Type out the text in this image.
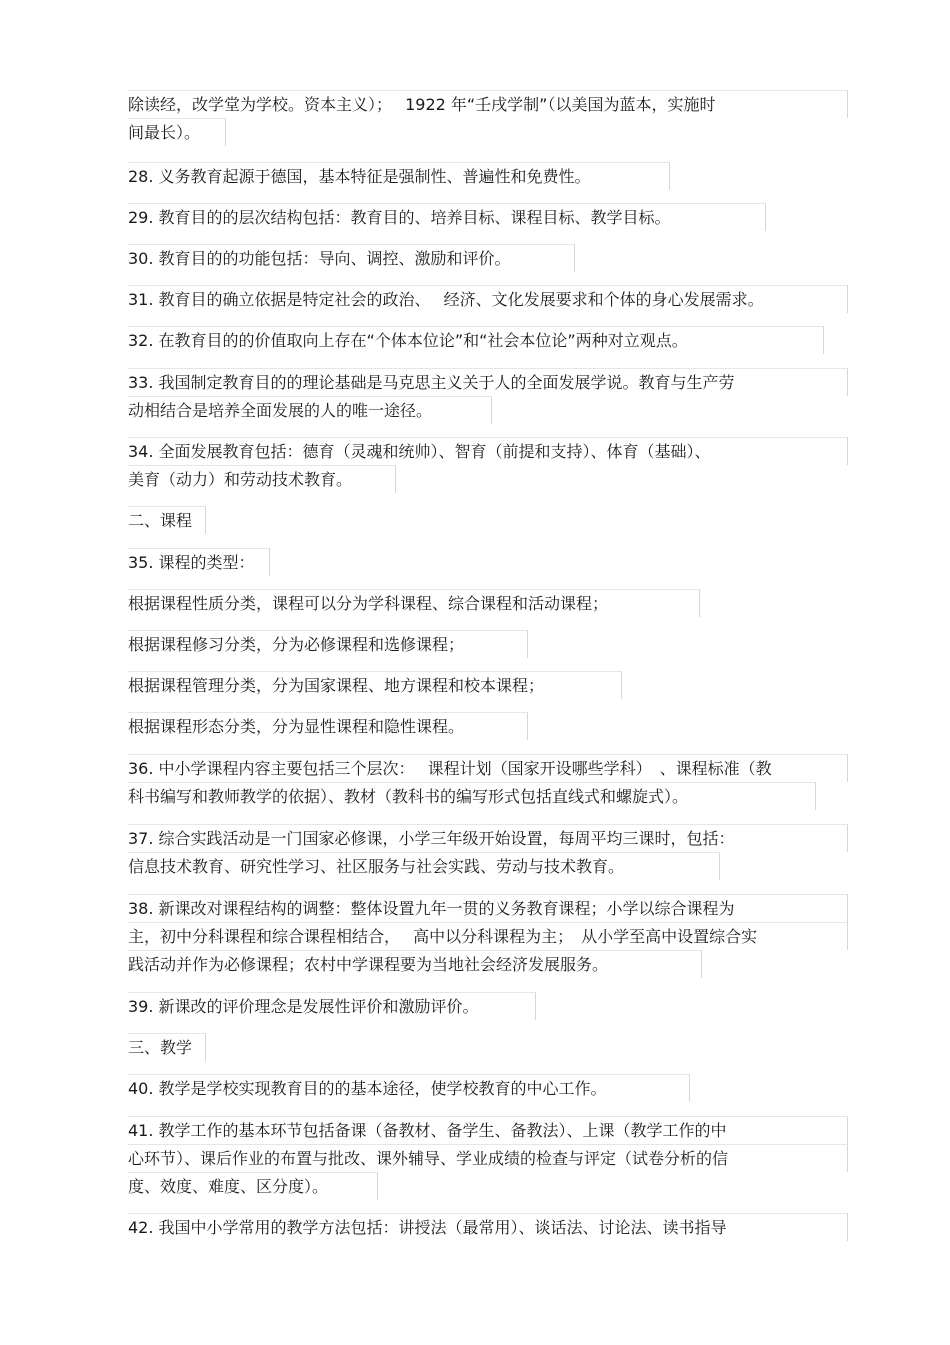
除读经，改学堂为学校。资本主义）；　 1922 年“壬戌学制”（以美国为蓝本，实施时
间最长）。
28. 义务教育起源于德国，基本特征是强制性、普遍性和免费性。
29. 教育目的的层次结构包括：教育目的、培养目标、课程目标、教学目标。
30. 教育目的的功能包括：导向、调控、激励和评价。
31. 教育目的确立依据是特定社会的政治、　 经济、文化发展要求和个体的身心发展需求。
32. 在教育目的的价值取向上存在“个体本位论”和“社会本位论”两种对立观点。
33. 我国制定教育目的的理论基础是马克思主义关于人的全面发展学说。教育与生产劳
动相结合是培养全面发展的人的唯一途径。
34. 全面发展教育包括：德育（灵魂和统帅）、智育（前提和支持）、体育（基础）、
美育（动力）和劳动技术教育。
二、课程
35. 课程的类型：
根据课程性质分类，课程可以分为学科课程、综合课程和活动课程；
根据课程修习分类，分为必修课程和选修课程；
根据课程管理分类，分为国家课程、地方课程和校本课程；
根据课程形态分类，分为显性课程和隐性课程。
36. 中小学课程内容主要包括三个层次：　 课程计划（国家开设哪些学科）　、课程标准（教
科书编写和教师教学的依据）、教材（教科书的编写形式包括直线式和螺旋式）。
37. 综合实践活动是一门国家必修课，小学三年级开始设置，每周平均三课时，包括：
信息技术教育、研究性学习、社区服务与社会实践、劳动与技术教育。
38. 新课改对课程结构的调整：整体设置九年一贯的义务教育课程；小学以综合课程为
主，初中分科课程和综合课程相结合，　 高中以分科课程为主；　从小学至高中设置综合实
践活动并作为必修课程；农村中学课程要为当地社会经济发展服务。
39. 新课改的评价理念是发展性评价和激励评价。
三、教学
40. 教学是学校实现教育目的的基本途径，使学校教育的中心工作。
41. 教学工作的基本环节包括备课（备教材、备学生、备教法）、上课（教学工作的中
心环节）、课后作业的布置与批改、课外辅导、学业成绩的检查与评定（试卷分析的信
度、效度、难度、区分度）。
42. 我国中小学常用的教学方法包括：讲授法（最常用）、谈话法、讨论法、读书指导
